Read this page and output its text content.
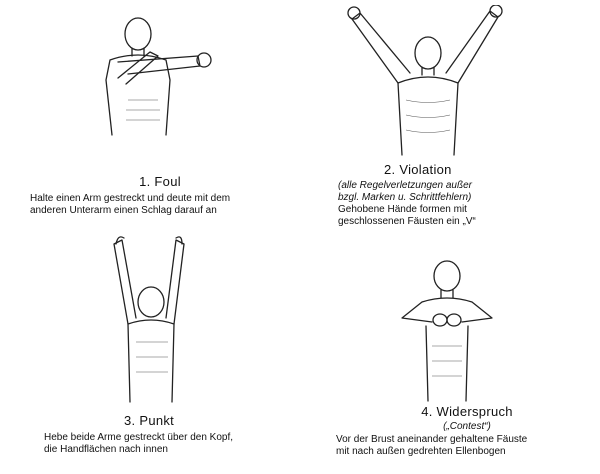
1. Foul
Halte einen Arm gestreckt und deute mit dem
anderen Unterarm einen Schlag darauf an
2. Violation
(alle Regelverletzungen außer
bzgl. Marken u. Schrittfehlern)
Gehobene Hände formen mit
geschlossenen Fäusten ein „V“
3. Punkt
Hebe beide Arme gestreckt über den Kopf,
die Handflächen nach innen
4. Widerspruch
(„Contest“)
Vor der Brust aneinander gehaltene Fäuste
mit nach außen gedrehten Ellenbogen
